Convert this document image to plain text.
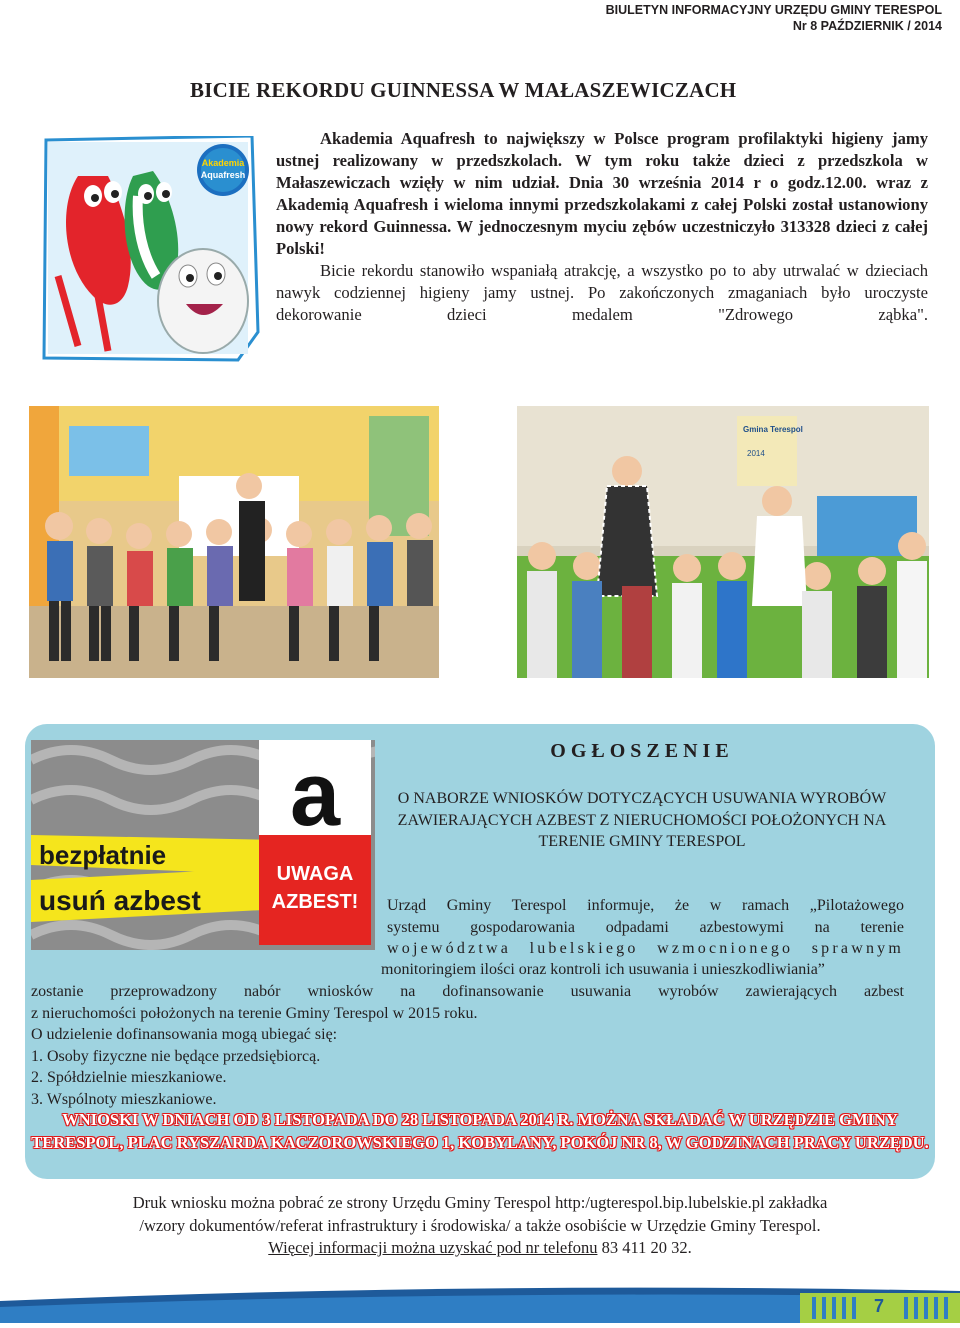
BIULETYN INFORMACYJNY URZĘDU GMINY TERESPOL
Nr 8 PAŹDZIERNIK / 2014
BICIE REKORDU GUINNESSA W MAŁASZEWICZACH
Akademia
Aquafresh

Akademia Aquafresh to największy w Polsce program profilaktyki higieny jamy ustnej realizowany w przedszkolach. W tym roku także dzieci z przedszkola w Małaszewiczach wzięły w nim udział. Dnia 30 września 2014 r o godz.12.00. wraz z Akademią Aquafresh i wieloma innymi przedszkolakami z całej Polski został ustanowiony nowy rekord Guinnessa. W jednoczesnym myciu zębów uczestniczyło 313328 dzieci z całej Polski!

Bicie rekordu stanowiło wspaniałą atrakcję, a wszystko po to aby utrwalać w dzieciach nawyk codziennej higieny jamy ustnej. Po zakończonych zmaganiach było uroczyste dekorowanie dzieci medalem "Zdrowego ząbka".

Gmina Terespol
2014
bezpłatnie
usuń azbest
a
UWAGA
AZBEST!
OGŁOSZENIE
O NABORZE WNIOSKÓW DOTYCZĄCYCH USUWANIA WYROBÓW ZAWIERAJĄCYCH AZBEST Z NIERUCHOMOŚCI POŁOŻONYCH NA TERENIE GMINY TERESPOL

Urząd Gminy Terespol informuje, że w ramach „Pilotażowego

systemu gospodarowania odpadami azbestowymi na terenie

województwa lubelskiego wzmocnionego sprawnym

monitoringiem ilości oraz kontroli ich usuwania i unieszkodliwiania”

zostanie przeprowadzony nabór wniosków na dofinansowanie usuwania wyrobów zawierających azbest

z nieruchomości położonych na terenie Gminy Terespol w 2015 roku.

O udzielenie dofinansowania mogą ubiegać się:

1. Osoby fizyczne nie będące przedsiębiorcą.

2. Spółdzielnie mieszkaniowe.

3. Wspólnoty mieszkaniowe.

WNIOSKI W DNIACH OD 3 LISTOPADA DO 28 LISTOPADA 2014 R. MOŻNA SKŁADAĆ W URZĘDZIE GMINY TERESPOL, PLAC RYSZARDA KACZOROWSKIEGO 1, KOBYLANY, POKÓJ NR 8, W GODZINACH PRACY URZĘDU.

Druk wniosku można pobrać ze strony Urzędu Gminy Terespol http:/ugterespol.bip.lubelskie.pl zakładka

/wzory dokumentów/referat infrastruktury i środowiska/ a także osobiście w Urzędzie Gminy Terespol.

Więcej informacji można uzyskać pod nr telefonu 83 411 20 32.

7
